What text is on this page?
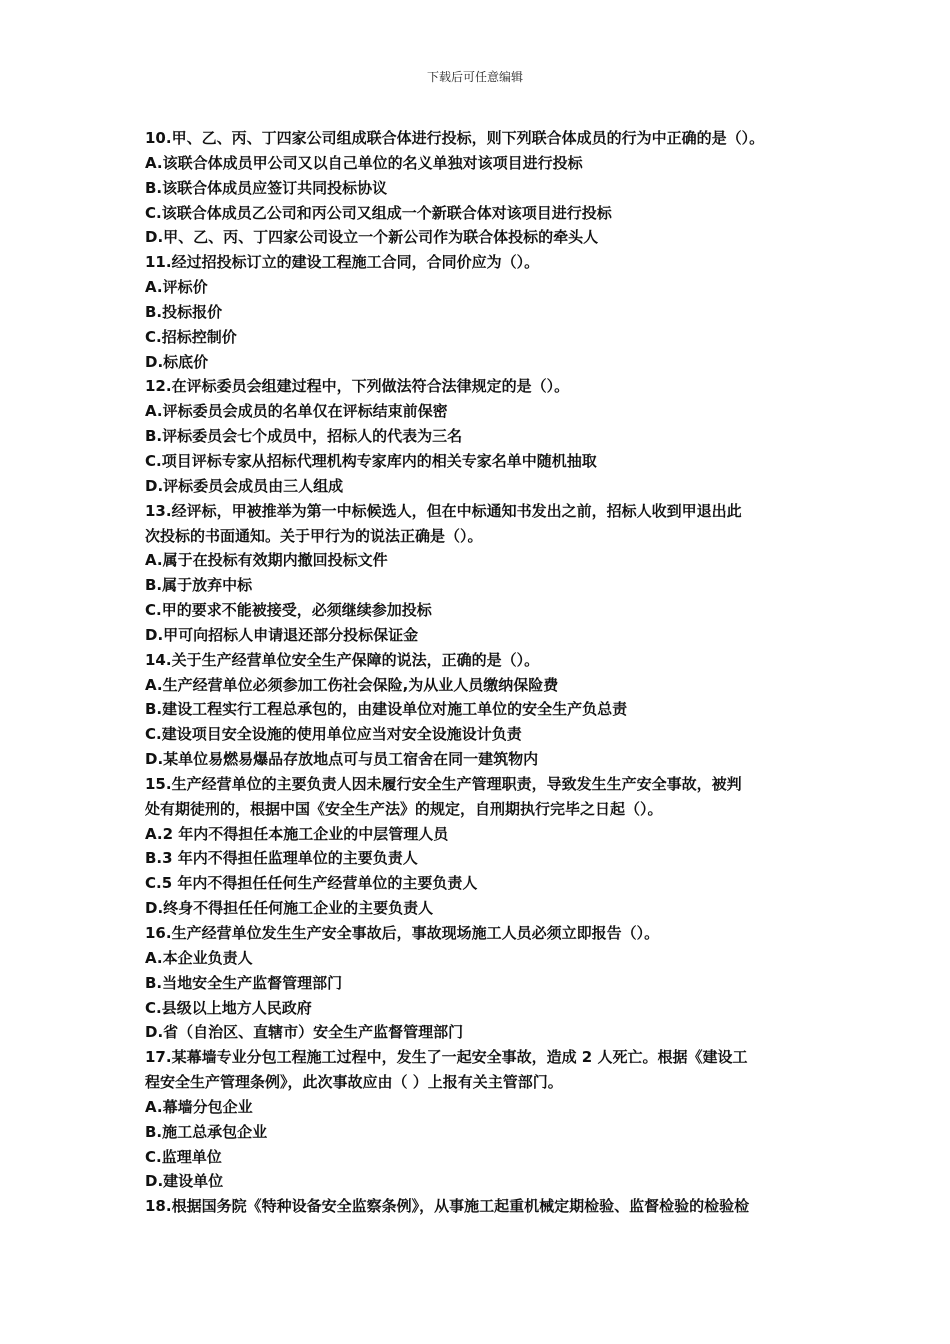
下载后可任意编辑
10.甲、乙、丙、丁四家公司组成联合体进行投标，则下列联合体成员的行为中正确的是（）。
A.该联合体成员甲公司又以自己单位的名义单独对该项目进行投标
B.该联合体成员应签订共同投标协议
C.该联合体成员乙公司和丙公司又组成一个新联合体对该项目进行投标
D.甲、乙、丙、丁四家公司设立一个新公司作为联合体投标的牵头人
11.经过招投标订立的建设工程施工合同，合同价应为（）。
A.评标价
B.投标报价
C.招标控制价
D.标底价
12.在评标委员会组建过程中，下列做法符合法律规定的是（）。
A.评标委员会成员的名单仅在评标结束前保密
B.评标委员会七个成员中，招标人的代表为三名
C.项目评标专家从招标代理机构专家库内的相关专家名单中随机抽取
D.评标委员会成员由三人组成
13.经评标，甲被推举为第一中标候选人，但在中标通知书发出之前，招标人收到甲退出此
次投标的书面通知。关于甲行为的说法正确是（）。
A.属于在投标有效期内撤回投标文件
B.属于放弃中标
C.甲的要求不能被接受，必须继续参加投标
D.甲可向招标人申请退还部分投标保证金
14.关于生产经营单位安全生产保障的说法，正确的是（）。
A.生产经营单位必须参加工伤社会保险,为从业人员缴纳保险费
B.建设工程实行工程总承包的，由建设单位对施工单位的安全生产负总责
C.建设项目安全设施的使用单位应当对安全设施设计负责
D.某单位易燃易爆品存放地点可与员工宿舍在同一建筑物内
15.生产经营单位的主要负责人因未履行安全生产管理职责，导致发生生产安全事故，被判
处有期徒刑的，根据中国《安全生产法》的规定，自刑期执行完毕之日起（）。
A.2 年内不得担任本施工企业的中层管理人员
B.3 年内不得担任监理单位的主要负责人
C.5 年内不得担任任何生产经营单位的主要负责人
D.终身不得担任任何施工企业的主要负责人
16.生产经营单位发生生产安全事故后，事故现场施工人员必须立即报告（）。
A.本企业负责人
B.当地安全生产监督管理部门
C.县级以上地方人民政府
D.省（自治区、直辖市）安全生产监督管理部门
17.某幕墙专业分包工程施工过程中，发生了一起安全事故，造成 2 人死亡。根据《建设工
程安全生产管理条例》，此次事故应由（ ）上报有关主管部门。
A.幕墙分包企业
B.施工总承包企业
C.监理单位
D.建设单位
18.根据国务院《特种设备安全监察条例》，从事施工起重机械定期检验、监督检验的检验检
